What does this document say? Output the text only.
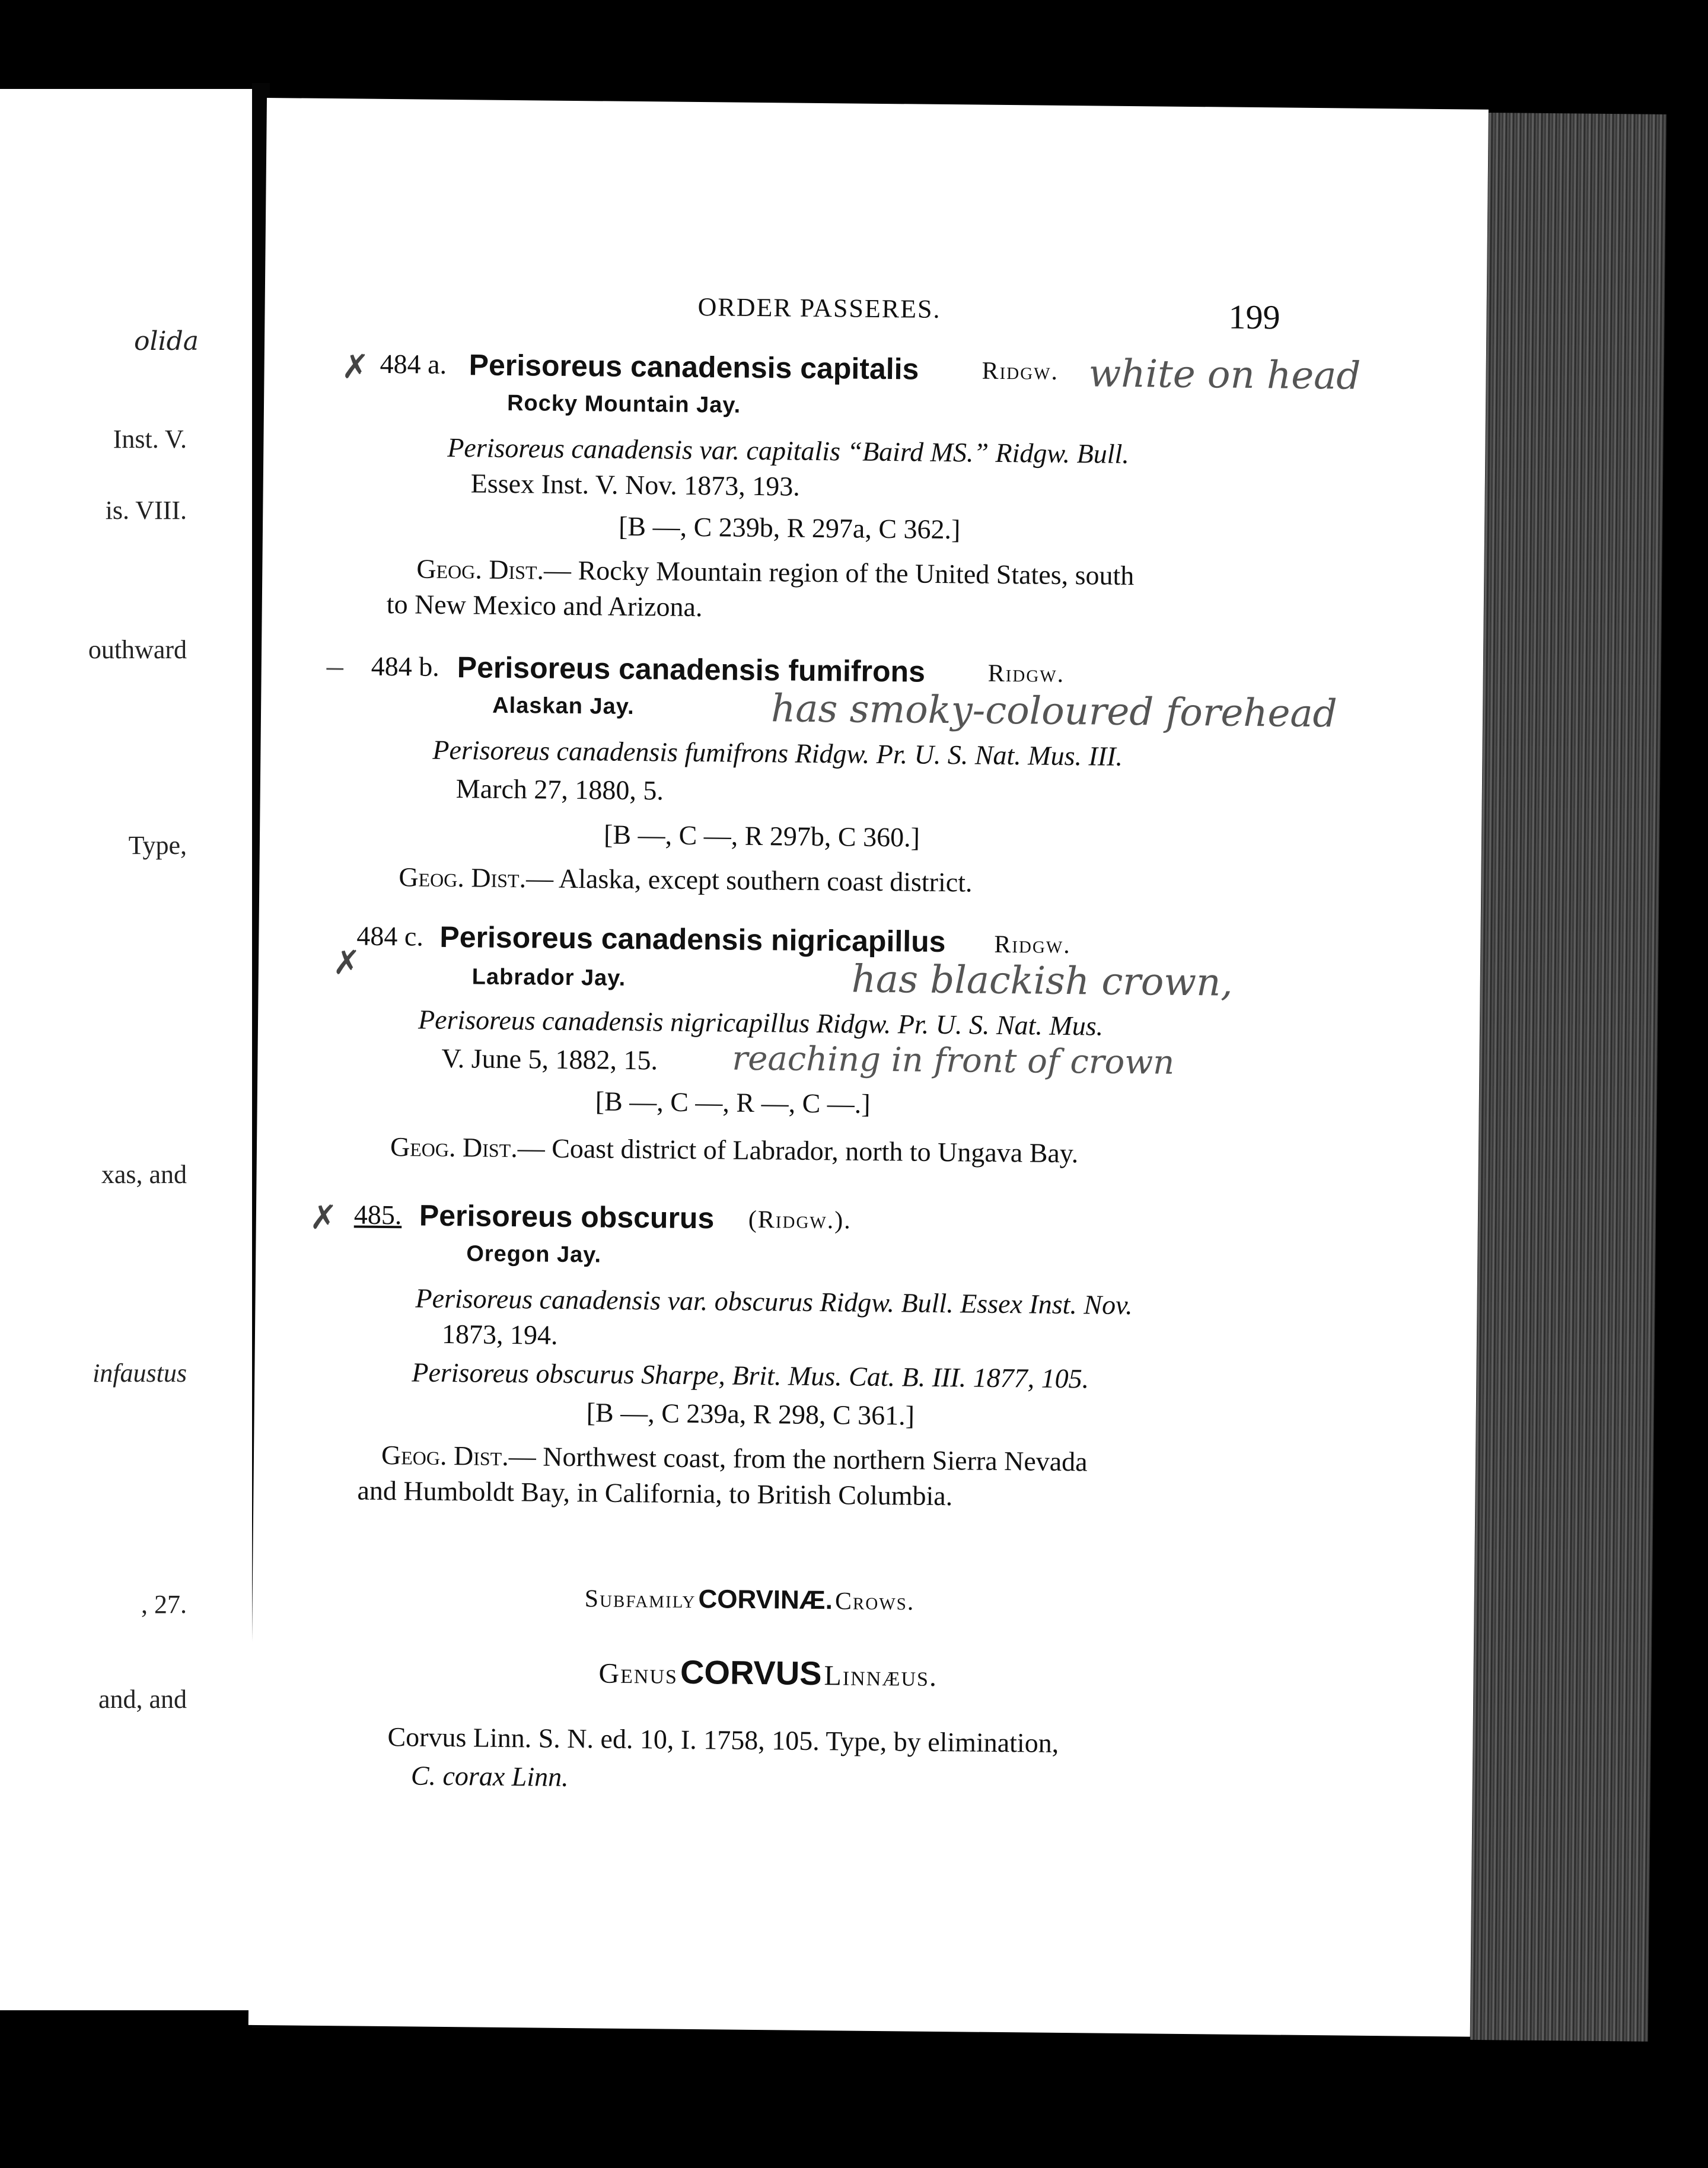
olida
Inst. V.
is. VIII.
outhward
Type,
xas, and
infaustus
, 27.
and, and
ORDER PASSERES.	199
✗ 484 a. Perisoreus canadensis capitalis	Ridgw. white on head
Rocky Mountain Jay.
Perisoreus canadensis var. capitalis “Baird MS.” Ridgw. Bull.
Essex Inst. V. Nov. 1873, 193.
[B —, C 239b, R 297a, C 362.]
Geog. Dist.— Rocky Mountain region of the United States, south
to New Mexico and Arizona.
– 484 b. Perisoreus canadensis fumifrons	Ridgw.
Alaskan Jay.	has smoky-coloured forehead
Perisoreus canadensis fumifrons Ridgw. Pr. U. S. Nat. Mus. III.
March 27, 1880, 5.
[B —, C —, R 297b, C 360.]
Geog. Dist.— Alaska, except southern coast district.
✗
484 c. Perisoreus canadensis nigricapillus Ridgw.
Labrador Jay.	has blackish crown,
Perisoreus canadensis nigricapillus Ridgw. Pr. U. S. Nat. Mus.
V. June 5, 1882, 15. reaching in front of crown
[B —, C —, R —, C —.]
Geog. Dist.— Coast district of Labrador, north to Ungava Bay.
✗ 485. Perisoreus obscurus (Ridgw.).
Oregon Jay.
Perisoreus canadensis var. obscurus Ridgw. Bull. Essex Inst. Nov.
1873, 194.
Perisoreus obscurus Sharpe, Brit. Mus. Cat. B. III. 1877, 105.
[B —, C 239a, R 298, C 361.]
Geog. Dist.— Northwest coast, from the northern Sierra Nevada
and Humboldt Bay, in California, to British Columbia.
Subfamily CORVINÆ. Crows.
Genus CORVUS Linnæus.
Corvus Linn. S. N. ed. 10, I. 1758, 105. Type, by elimination,
C. corax Linn.
